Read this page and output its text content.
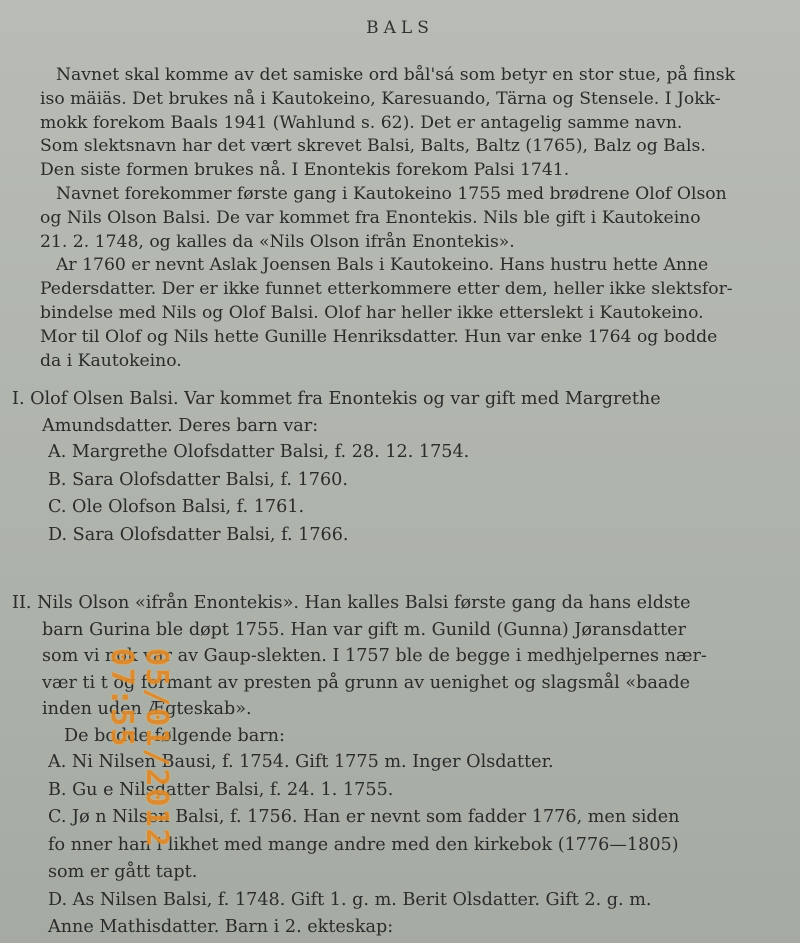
BALS
Navnet skal komme av det samiske ord bål'sá som betyr en stor stue, på finsk
iso mäiäs. Det brukes nå i Kautokeino, Karesuando, Tärna og Stensele. I Jokk-
mokk forekom Baals 1941 (Wahlund s. 62). Det er antagelig samme navn.
Som slektsnavn har det vært skrevet Balsi, Balts, Baltz (1765), Balz og Bals.
Den siste formen brukes nå. I Enontekis forekom Palsi 1741.
Navnet forekommer første gang i Kautokeino 1755 med brødrene Olof Olson
og Nils Olson Balsi. De var kommet fra Enontekis. Nils ble gift i Kautokeino
21. 2. 1748, og kalles da «Nils Olson ifrån Enontekis».
Ar 1760 er nevnt Aslak Joensen Bals i Kautokeino. Hans hustru hette Anne
Pedersdatter. Der er ikke funnet etterkommere etter dem, heller ikke slektsfor-
bindelse med Nils og Olof Balsi. Olof har heller ikke etterslekt i Kautokeino.
Mor til Olof og Nils hette Gunille Henriksdatter. Hun var enke 1764 og bodde
da i Kautokeino.
I. Olof Olsen Balsi. Var kommet fra Enontekis og var gift med Margrethe
Amundsdatter. Deres barn var:
A. Margrethe Olofsdatter Balsi, f. 28. 12. 1754.
B. Sara Olofsdatter Balsi, f. 1760.
C. Ole Olofson Balsi, f. 1761.
D. Sara Olofsdatter Balsi, f. 1766.
II. Nils Olson «ifrån Enontekis». Han kalles Balsi første gang da hans eldste
barn Gurina ble døpt 1755. Han var gift m. Gunild (Gunna) Jøransdatter
som vi nok var av Gaup-slekten. I 1757 ble de begge i medhjelpernes nær-
vær ti t og formant av presten på grunn av uenighet og slagsmål «baade
inden uden Ægteskab».
De bodde følgende barn:
A. Ni Nilsen Bausi, f. 1754. Gift 1775 m. Inger Olsdatter.
B. Gu e Nilsdatter Balsi, f. 24. 1. 1755.
C. Jø n Nilsen Balsi, f. 1756. Han er nevnt som fadder 1776, men siden
fo nner han i likhet med mange andre med den kirkebok (1776—1805)
som er gått tapt.
D. As Nilsen Balsi, f. 1748. Gift 1. g. m. Berit Olsdatter. Gift 2. g. m.
Anne Mathisdatter. Barn i 2. ekteskap:
05/01/2012 07:55
